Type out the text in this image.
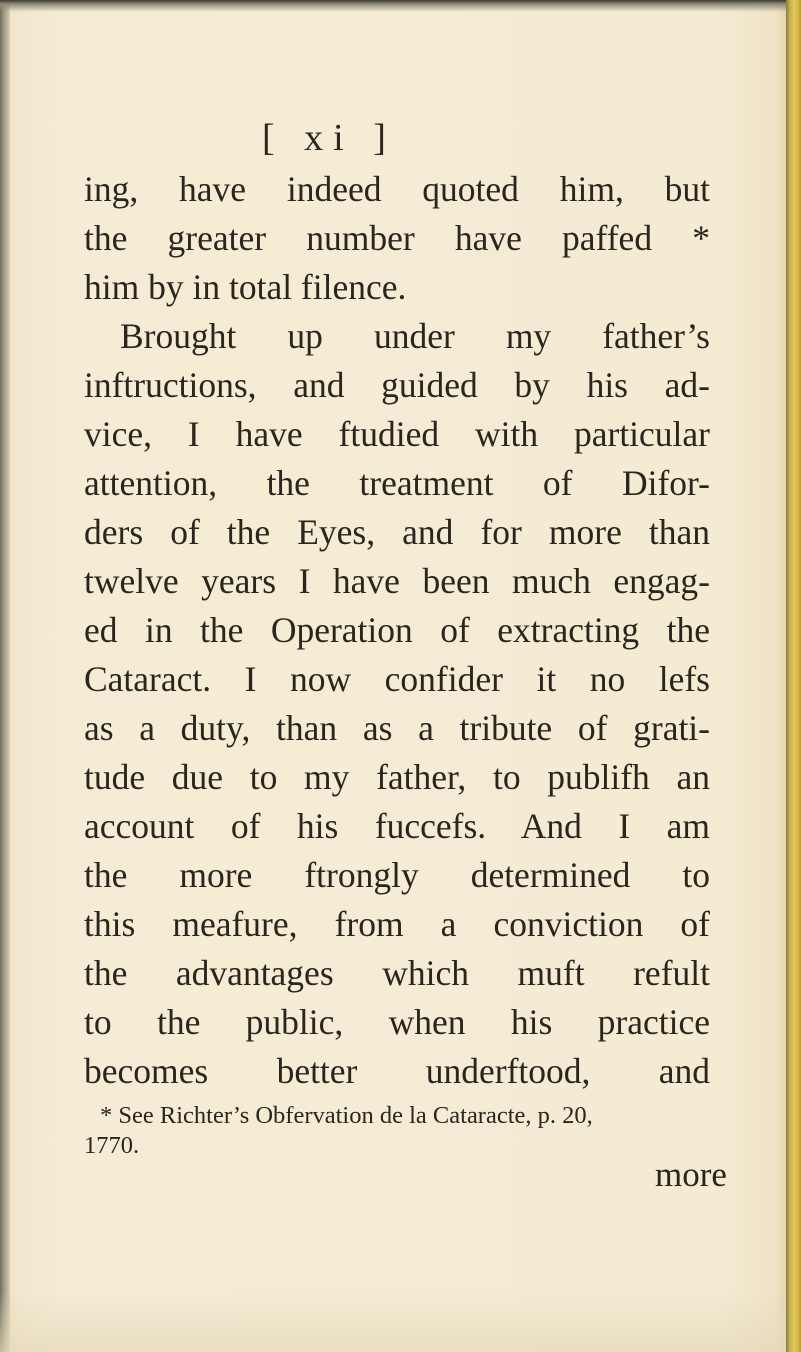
[ xi ]
ing, have indeed quoted him, but
the greater number have paffed *
him by in total filence.
Brought up under my father’s
inftructions, and guided by his ad-
vice, I have ftudied with particular
attention, the treatment of Difor-
ders of the Eyes, and for more than
twelve years I have been much engag-
ed in the Operation of extracting the
Cataract. I now confider it no lefs
as a duty, than as a tribute of grati-
tude due to my father, to publifh an
account of his fuccefs. And I am
the more ftrongly determined to
this meafure, from a conviction of
the advantages which muft refult
to the public, when his practice
becomes better underftood, and
* See Richter’s Obfervation de la Cataracte, p. 20,
1770.
more
